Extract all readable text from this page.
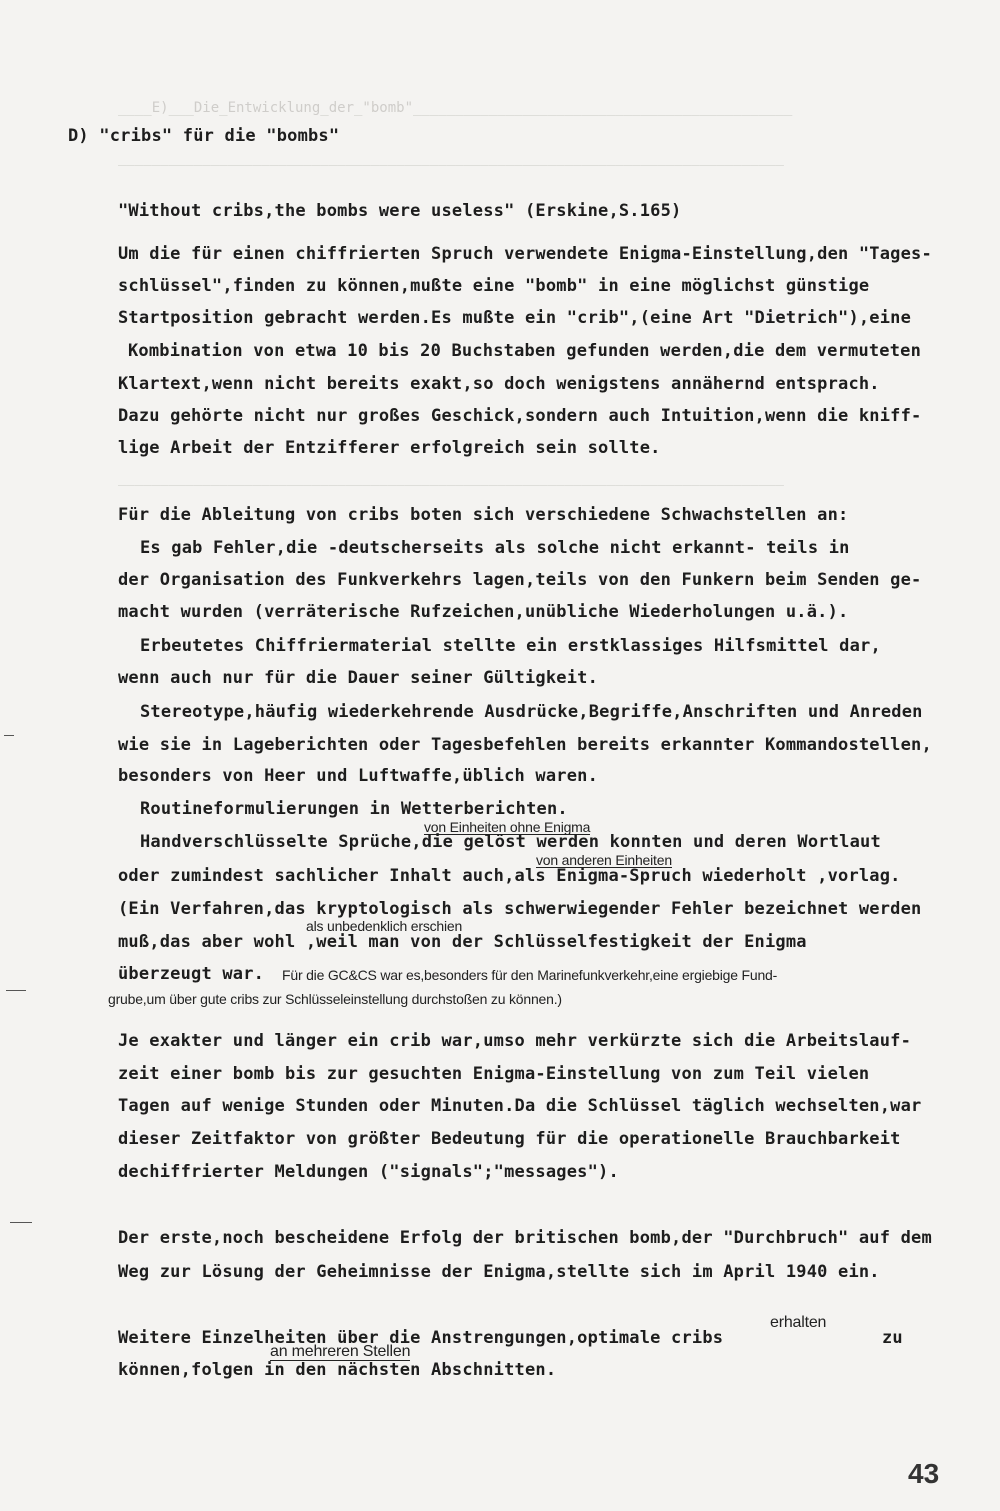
____E)___Die_Entwicklung_der_"bomb"_____________________________________________
_______________________________________________________________________________
_______________________________________________________________________________
D) "cribs" für die "bombs"
"Without cribs,the bombs were useless" (Erskine,S.165)
Um die für einen chiffrierten Spruch verwendete Enigma-Einstellung,den "Tages-
schlüssel",finden zu können,mußte eine "bomb" in eine möglichst günstige
Startposition gebracht werden.Es mußte ein "crib",(eine Art "Dietrich"),eine
Kombination von etwa 10 bis 20 Buchstaben gefunden werden,die dem vermuteten
Klartext,wenn nicht bereits exakt,so doch wenigstens annähernd entsprach.
Dazu gehörte nicht nur großes Geschick,sondern auch Intuition,wenn die kniff-
lige Arbeit der Entzifferer erfolgreich sein sollte.
Für die Ableitung von cribs boten sich verschiedene Schwachstellen an:
Es gab Fehler,die -deutscherseits als solche nicht erkannt- teils in
der Organisation des Funkverkehrs lagen,teils von den Funkern beim Senden ge-
macht wurden (verräterische Rufzeichen,unübliche Wiederholungen u.ä.).
Erbeutetes Chiffriermaterial stellte ein erstklassiges Hilfsmittel dar,
wenn auch nur für die Dauer seiner Gültigkeit.
Stereotype,häufig wiederkehrende Ausdrücke,Begriffe,Anschriften und Anreden
wie sie in Lageberichten oder Tagesbefehlen bereits erkannter Kommandostellen,
besonders von Heer und Luftwaffe,üblich waren.
Routineformulierungen in Wetterberichten.
von Einheiten ohne Enigma
Handverschlüsselte Sprüche,die gelöst werden konnten und deren Wortlaut
von anderen Einheiten
oder zumindest sachlicher Inhalt auch,als Enigma-Spruch wiederholt ,vorlag.
(Ein Verfahren,das kryptologisch als schwerwiegender Fehler bezeichnet werden
als unbedenklich erschien
muß,das aber wohl ,weil man von der Schlüsselfestigkeit der Enigma
überzeugt war. Für die GC&CS war es,besonders für den Marinefunkverkehr,eine ergiebige Fund-
grube,um über gute cribs zur Schlüsseleinstellung durchstoßen zu können.)
Je exakter und länger ein crib war,umso mehr verkürzte sich die Arbeitslauf-
zeit einer bomb bis zur gesuchten Enigma-Einstellung von zum Teil vielen
Tagen auf wenige Stunden oder Minuten.Da die Schlüssel täglich wechselten,war
dieser Zeitfaktor von größter Bedeutung für die operationelle Brauchbarkeit
dechiffrierter Meldungen ("signals";"messages").
Der erste,noch bescheidene Erfolg der britischen bomb,der "Durchbruch" auf dem
Weg zur Lösung der Geheimnisse der Enigma,stellte sich im April 1940 ein.
erhalten
Weitere Einzelheiten über die Anstrengungen,optimale cribs	zu
an mehreren Stellen
können,folgen in den nächsten Abschnitten.
43
